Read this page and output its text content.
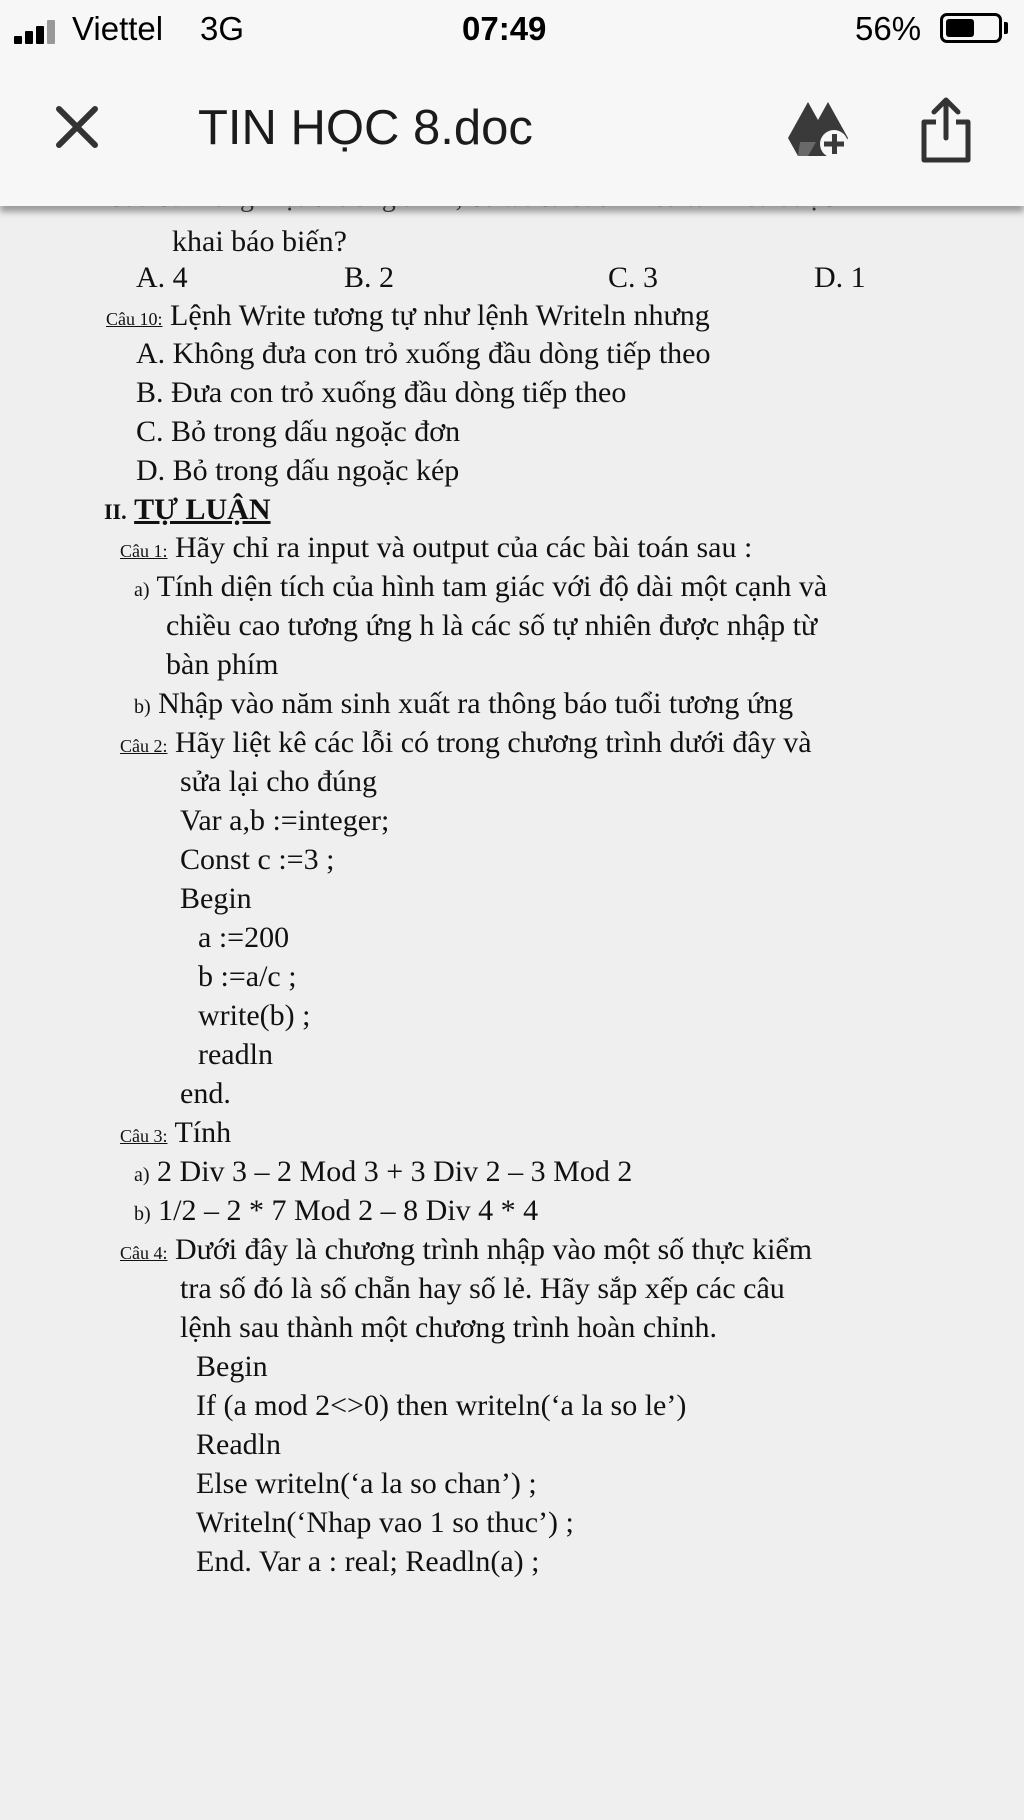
Viettel 3G	07:49	56%
TIN HỌC 8.doc
khai báo biến?
A. 4	B. 2	C. 3	D. 1
Câu 10: Lệnh Write tương tự như lệnh Writeln nhưng
A. Không đưa con trỏ xuống đầu dòng tiếp theo
B. Đưa con trỏ xuống đầu dòng tiếp theo
C. Bỏ trong dấu ngoặc đơn
D. Bỏ trong dấu ngoặc kép
II. TỰ LUẬN
Câu 1: Hãy chỉ ra input và output của các bài toán sau :
a) Tính diện tích của hình tam giác với độ dài một cạnh và
chiều cao tương ứng h là các số tự nhiên được nhập từ
bàn phím
b) Nhập vào năm sinh xuất ra thông báo tuổi tương ứng
Câu 2: Hãy liệt kê các lỗi có trong chương trình dưới đây và
sửa lại cho đúng
Var a,b :=integer;
Const c :=3 ;
Begin
a :=200
b :=a/c ;
write(b) ;
readln
end.
Câu 3: Tính
a) 2 Div 3 – 2 Mod 3 + 3 Div 2 – 3 Mod 2
b) 1/2 – 2 * 7 Mod 2 – 8 Div 4 * 4
Câu 4: Dưới đây là chương trình nhập vào một số thực kiểm
tra số đó là số chẵn hay số lẻ. Hãy sắp xếp các câu
lệnh sau thành một chương trình hoàn chỉnh.
Begin
If (a mod 2<>0) then writeln(‘a la so le’)
Readln
Else writeln(‘a la so chan’) ;
Writeln(‘Nhap vao 1 so thuc’) ;
End. Var a : real; Readln(a) ;
